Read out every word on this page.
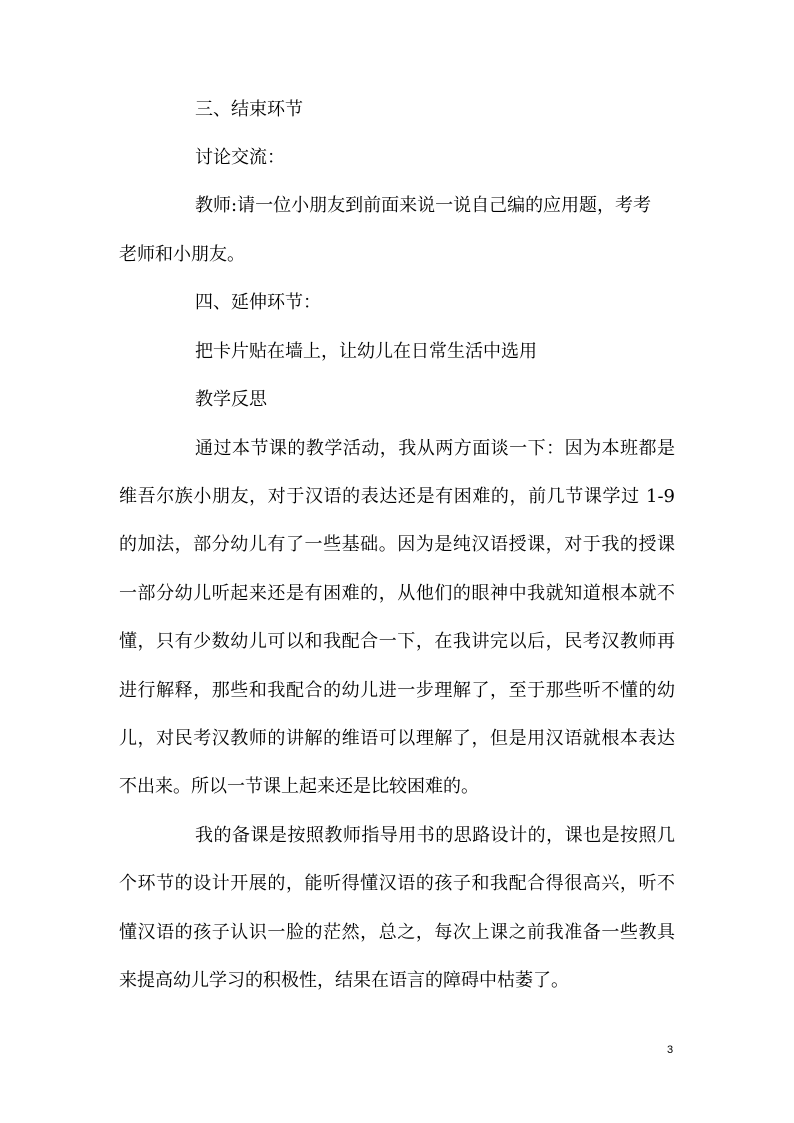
三、结束环节
讨论交流：
教师:请一位小朋友到前面来说一说自己编的应用题，考考
老师和小朋友。
四、延伸环节：
把卡片贴在墙上，让幼儿在日常生活中选用
教学反思
通过本节课的教学活动，我从两方面谈一下：因为本班都是
维吾尔族小朋友，对于汉语的表达还是有困难的，前几节课学过 1-9
的加法，部分幼儿有了一些基础。因为是纯汉语授课，对于我的授课
一部分幼儿听起来还是有困难的，从他们的眼神中我就知道根本就不
懂，只有少数幼儿可以和我配合一下，在我讲完以后，民考汉教师再
进行解释，那些和我配合的幼儿进一步理解了，至于那些听不懂的幼
儿，对民考汉教师的讲解的维语可以理解了，但是用汉语就根本表达
不出来。所以一节课上起来还是比较困难的。
我的备课是按照教师指导用书的思路设计的，课也是按照几
个环节的设计开展的，能听得懂汉语的孩子和我配合得很高兴，听不
懂汉语的孩子认识一脸的茫然，总之，每次上课之前我准备一些教具
来提高幼儿学习的积极性，结果在语言的障碍中枯萎了。
3
